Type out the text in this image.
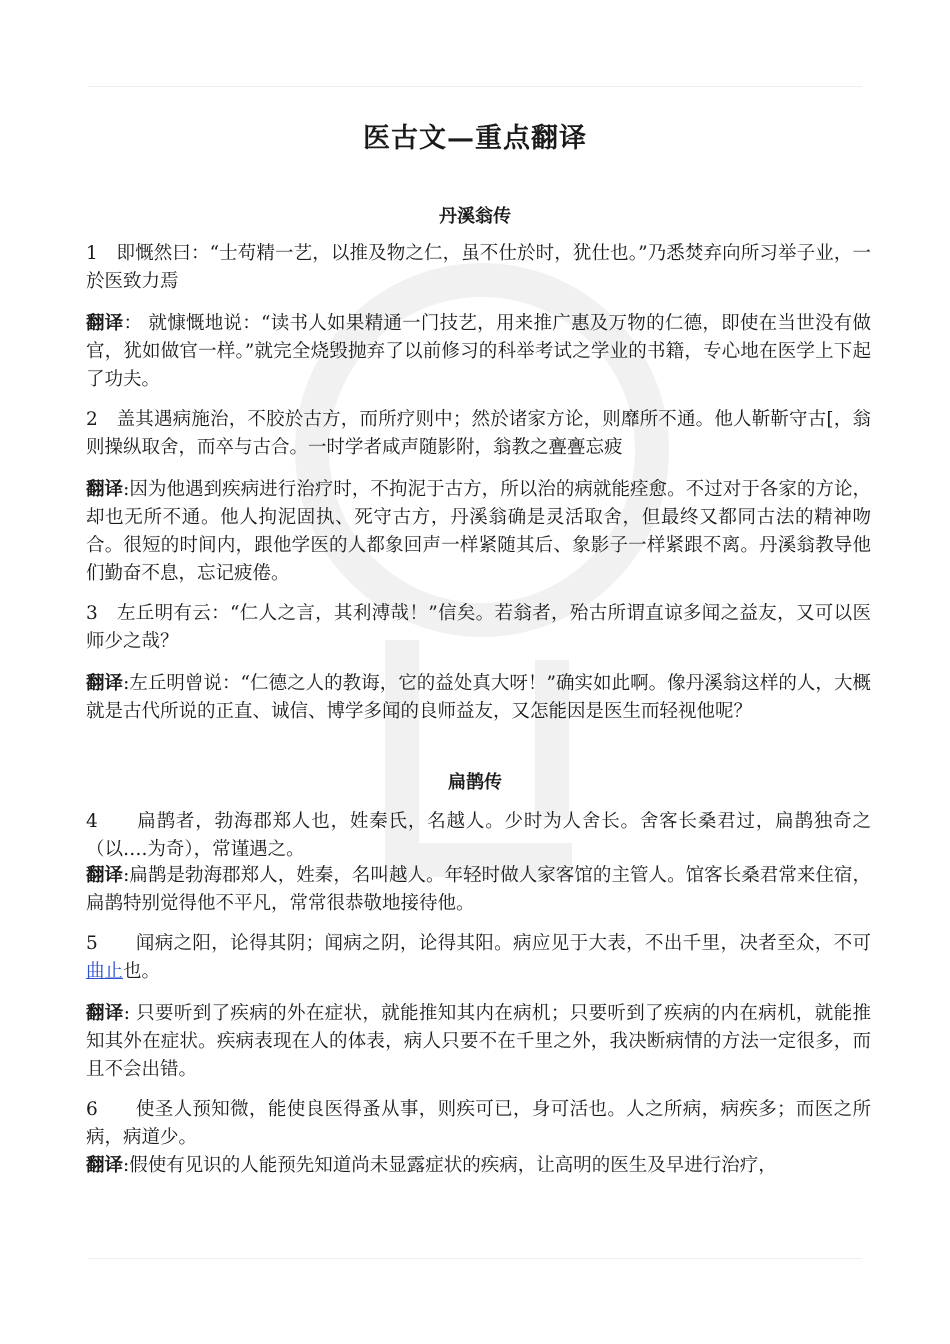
医古文—重点翻译
丹溪翁传

1　即慨然曰：“士苟精一艺，以推及物之仁，虽不仕於时，犹仕也。”乃悉焚弃向所习举子业，一於医致力焉

翻译： 就慷慨地说：“读书人如果精通一门技艺，用来推广惠及万物的仁德，即使在当世没有做官，犹如做官一样。”就完全烧毁抛弃了以前修习的科举考试之学业的书籍，专心地在医学上下起了功夫。

2　盖其遇病施治，不胶於古方，而所疗则中；然於诸家方论，则靡所不通。他人靳靳守古[，翁则操纵取舍，而卒与古合。一时学者咸声随影附，翁教之亹亹忘疲

翻译:因为他遇到疾病进行治疗时，不拘泥于古方，所以治的病就能痊愈。不过对于各家的方论，却也无所不通。他人拘泥固执、死守古方，丹溪翁确是灵活取舍，但最终又都同古法的精神吻合。很短的时间内，跟他学医的人都象回声一样紧随其后、象影子一样紧跟不离。丹溪翁教导他们勤奋不息，忘记疲倦。

3　左丘明有云：“仁人之言，其利溥哉！”信矣。若翁者，殆古所谓直谅多闻之益友，又可以医师少之哉？

翻译:左丘明曾说：“仁德之人的教诲，它的益处真大呀！”确实如此啊。像丹溪翁这样的人，大概就是古代所说的正直、诚信、博学多闻的良师益友，又怎能因是医生而轻视他呢？

扁鹊传

4　　扁鹊者，勃海郡郑人也，姓秦氏，名越人。少时为人舍长。舍客长桑君过，扁鹊独奇之（以….为奇），常谨遇之。

翻译:扁鹊是勃海郡郑人，姓秦，名叫越人。年轻时做人家客馆的主管人。馆客长桑君常来住宿，扁鹊特别觉得他不平凡，常常很恭敬地接待他。

5　　闻病之阳，论得其阴；闻病之阴，论得其阳。病应见于大表，不出千里，决者至众，不可曲止也。

翻译: 只要听到了疾病的外在症状，就能推知其内在病机；只要听到了疾病的内在病机，就能推知其外在症状。疾病表现在人的体表，病人只要不在千里之外，我决断病情的方法一定很多，而且不会出错。

6　　使圣人预知微，能使良医得蚤从事，则疾可已，身可活也。人之所病，病疾多；而医之所病，病道少。

翻译:假使有见识的人能预先知道尚未显露症状的疾病，让高明的医生及早进行治疗，
